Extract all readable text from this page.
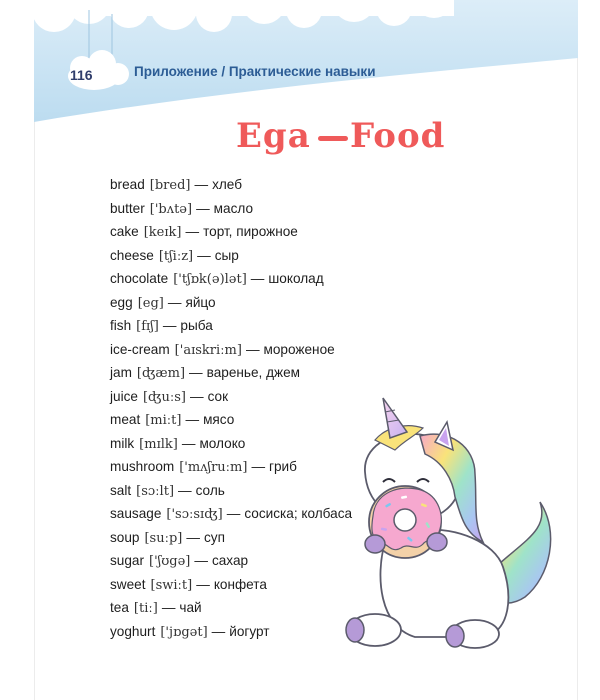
116	Приложение / Практические навыки
Ega Food
bread [bred] — хлеб
butter ['bʌtə] — масло
cake [keɪk] — торт, пирожное
cheese [tʃiːz] — сыр
chocolate ['tʃɒk(ə)lət] — шоколад
egg [eg] — яйцо
fish [fɪʃ] — рыба
ice-cream ['aɪskriːm] — мороженое
jam [ʤæm] — варенье, джем
juice [ʤuːs] — сок
meat [miːt] — мясо
milk [mɪlk] — молоко
mushroom ['mʌʃruːm] — гриб
salt [sɔːlt] — соль
sausage ['sɔːsɪʤ] — сосиска; колбаса
soup [suːp] — суп
sugar ['ʃʊgə] — сахар
sweet [swiːt] — конфета
tea [tiː] — чай
yoghurt ['jɒgət] — йогурт
